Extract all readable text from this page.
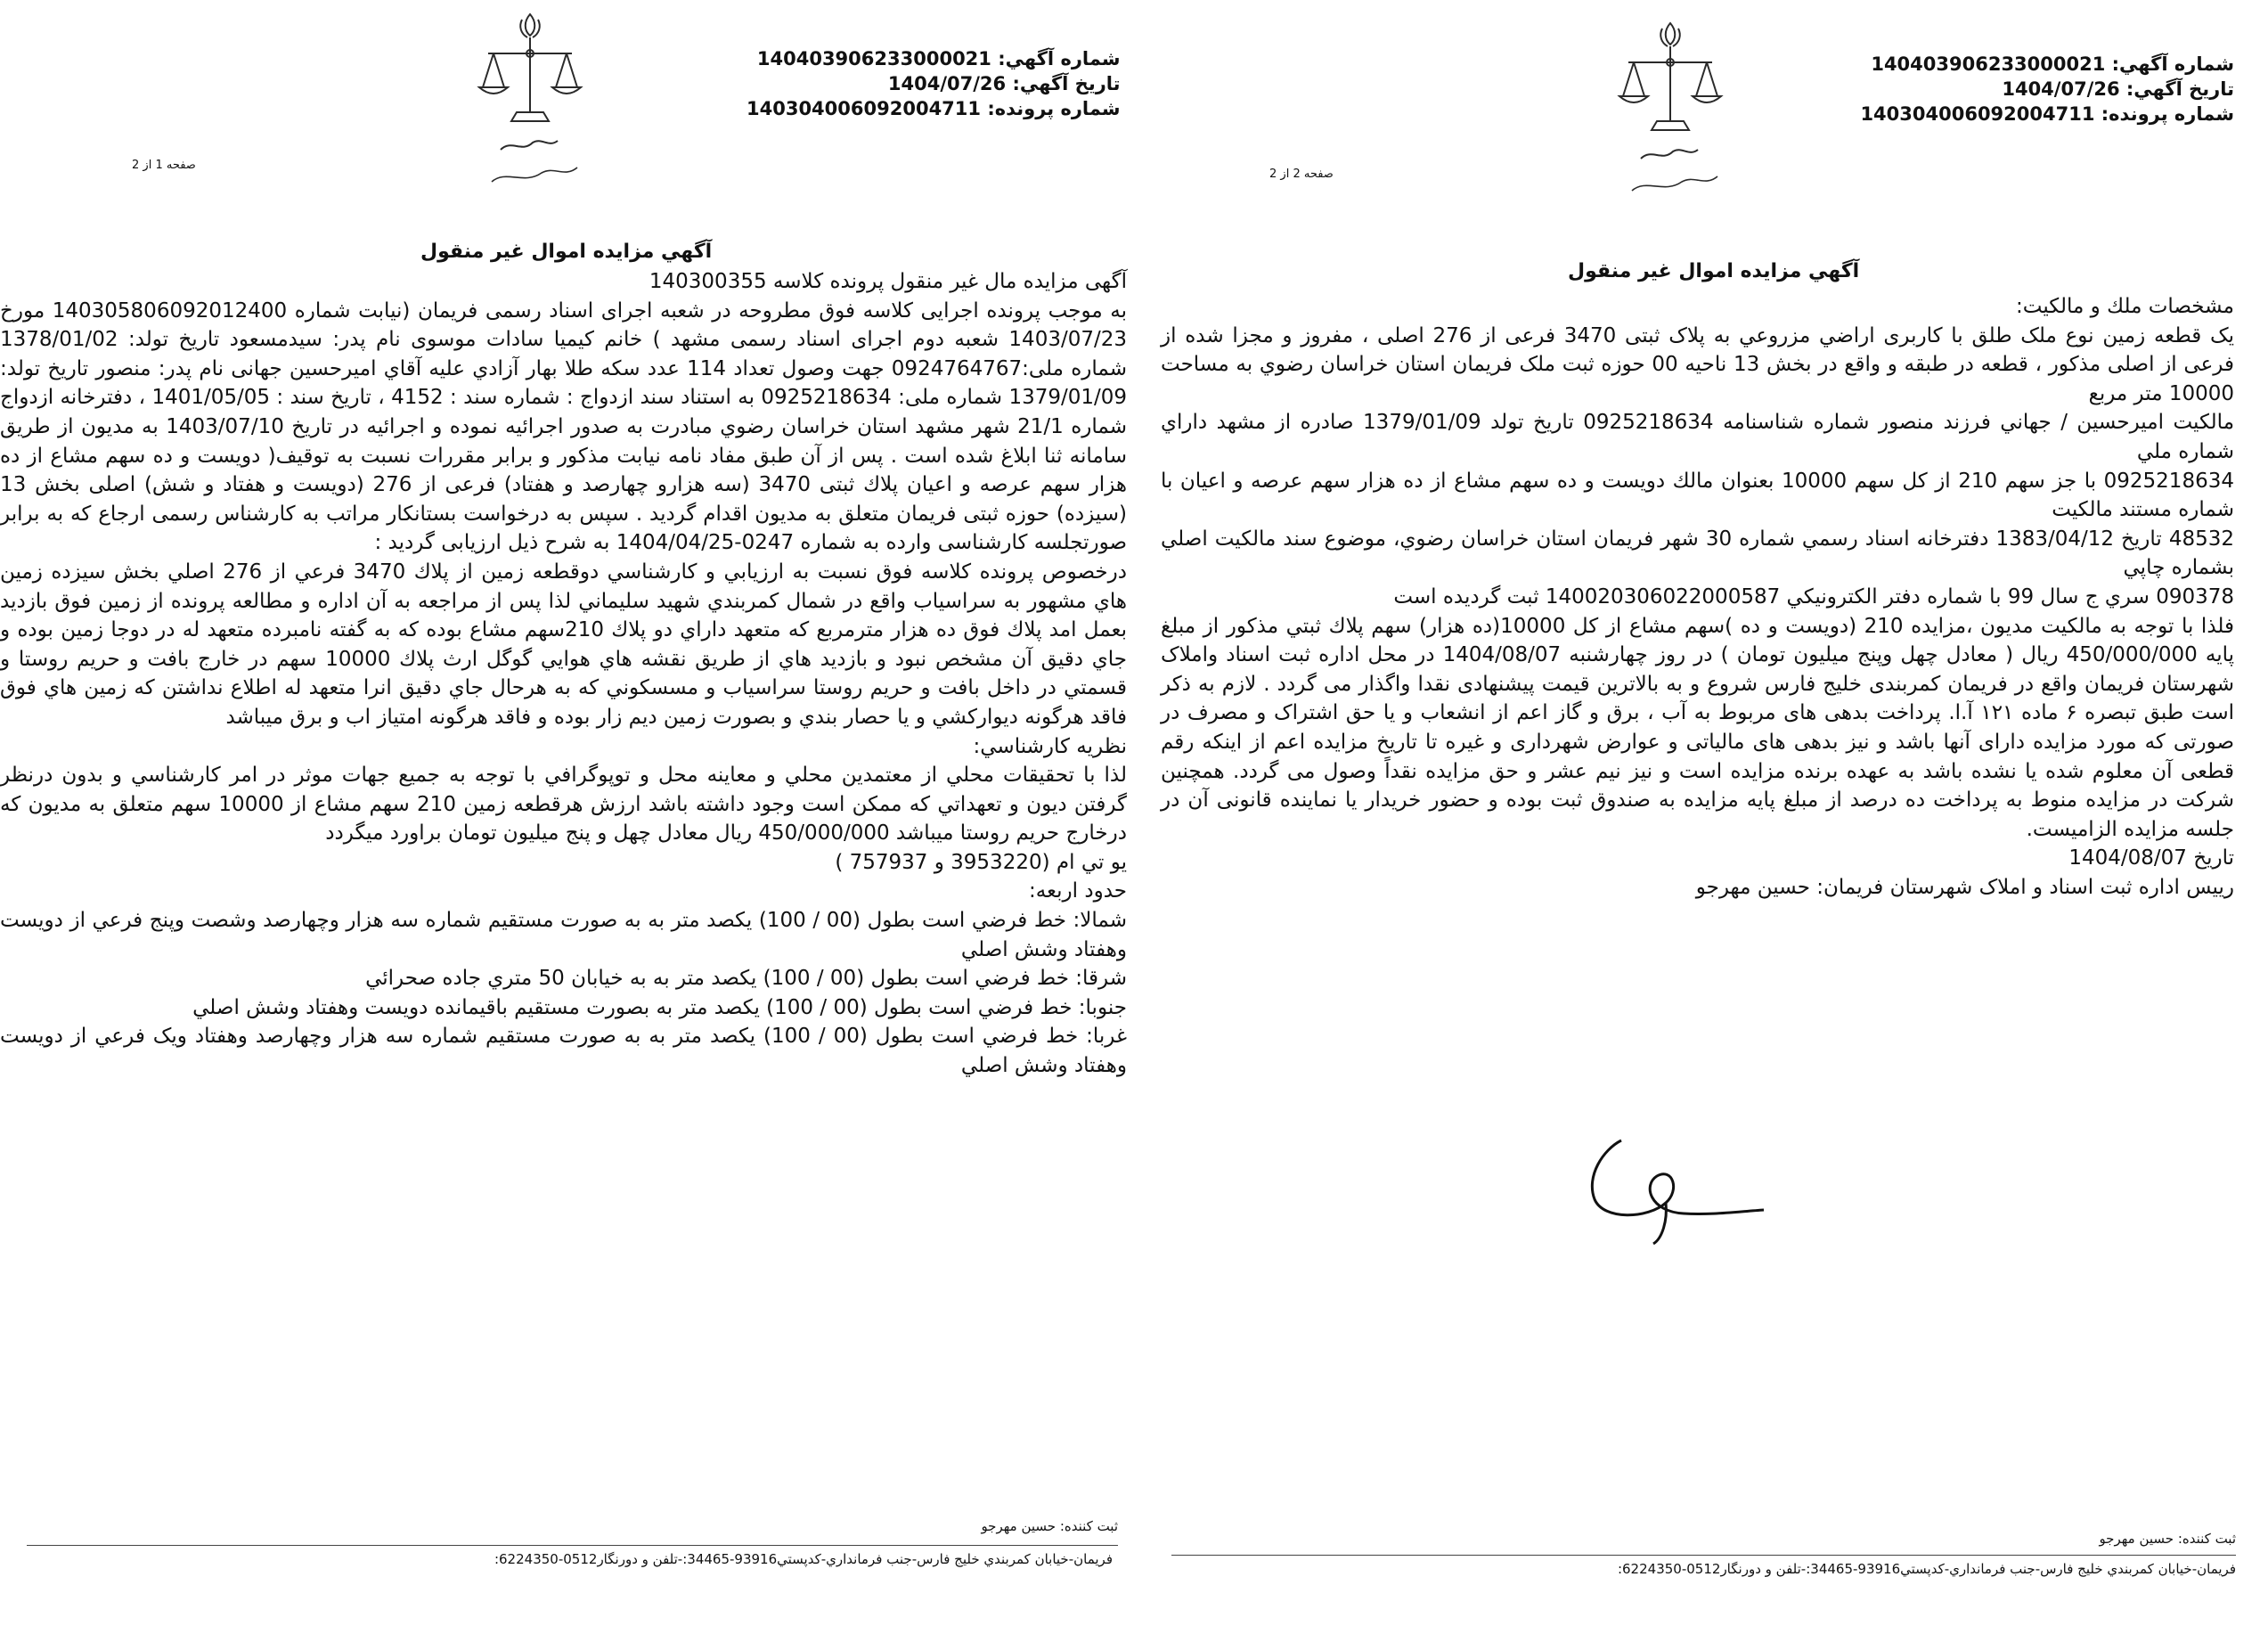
شماره آگهي: 140403906233000021
تاريخ آگهي: 1404/07/26
شماره پرونده: 140304006092004711
صفحه 2 از 2
آگهي مزايده اموال غير منقول

مشخصات ملك و مالكيت:

يک قطعه زمين نوع ملک طلق با کاربری اراضي مزروعي به پلاک ثبتی 3470 فرعی از 276 اصلی ، مفروز و مجزا شده از فرعی از اصلی مذکور ، قطعه در طبقه و واقع در بخش 13 ناحيه 00 حوزه ثبت ملک فريمان استان خراسان رضوي به مساحت 10000 متر مربع

مالکيت اميرحسين / جهاني فرزند منصور شماره شناسنامه 0925218634 تاريخ تولد 1379/01/09 صادره از مشهد داراي شماره ملي

0925218634 با جز سهم 210 از کل سهم 10000 بعنوان مالك دويست و ده سهم مشاع از ده هزار سهم عرصه و اعيان با شماره مستند مالکيت

48532 تاريخ 1383/04/12 دفترخانه اسناد رسمي شماره 30 شهر فريمان استان خراسان رضوي، موضوع سند مالکيت اصلي بشماره چاپي

090378 سري ج سال 99 با شماره دفتر الکترونيکي 140020306022000587 ثبت گرديده است

فلذا با توجه به مالكيت مديون ،مزايده 210 (دويست و ده )سهم مشاع از كل 10000(ده هزار) سهم پلاك ثبتي مذكور از مبلغ پايه 450/000/000 ريال ( معادل چهل وپنج ميليون تومان ) در روز چهارشنبه 1404/08/07 در محل اداره ثبت اسناد واملاک شهرستان فريمان واقع در فريمان کمربندی خليج فارس شروع و به بالاترين قيمت پيشنهادی نقدا واگذار می گردد . لازم به ذکر است طبق تبصره ۶ ماده ۱۲۱ آ.ا. پرداخت بدهی های مربوط به آب ، برق و گاز اعم از انشعاب و يا حق اشتراک و مصرف در صورتی که مورد مزايده دارای آنها باشد و نيز بدهی های مالياتی و عوارض شهرداری و غيره تا تاريخ مزايده اعم از اينکه رقم قطعی آن معلوم شده يا نشده باشد به عهده برنده مزايده است و نيز نيم عشر و حق مزايده نقداً وصول می گردد. همچنين شركت در مزايده منوط به پرداخت ده درصد از مبلغ پايه مزايده به صندوق ثبت بوده و حضور خريدار يا نماينده قانونی آن در جلسه مزايده الزاميست.

تاريخ 1404/08/07

رييس اداره ثبت اسناد و املاک شهرستان فريمان: حسين مهرجو

ثبت كننده: حسين مهرجو
فريمان-خيابان كمربندي خليج فارس-جنب فرمانداري-كدپستي93916-34465:-تلفن و دورنگار0512-6224350:
شماره آگهي: 140403906233000021
تاريخ آگهي: 1404/07/26
شماره پرونده: 140304006092004711
صفحه 1 از 2
آگهي مزايده اموال غير منقول

آگهی مزايده مال غير منقول پرونده كلاسه 140300355

به موجب پرونده اجرايی كلاسه فوق مطروحه در شعبه اجرای اسناد رسمی فريمان (نيابت شماره 140305806092012400 مورخ 1403/07/23 شعبه دوم اجرای اسناد رسمی مشهد ) خانم كيميا سادات موسوی نام پدر: سيدمسعود تاريخ تولد: 1378/01/02 شماره ملی:0924764767 جهت وصول تعداد 114 عدد سكه طلا بهار آزادي عليه آقاي اميرحسين جهانی نام پدر: منصور تاريخ تولد: 1379/01/09 شماره ملی: 0925218634 به استناد سند ازدواج : شماره سند : 4152 ، تاريخ سند : 1401/05/05 ، دفترخانه ازدواج شماره 21/1 شهر مشهد استان خراسان رضوي مبادرت به صدور اجرائيه نموده و اجرائيه در تاريخ 1403/07/10 به مديون از طريق سامانه ثنا ابلاغ شده است . پس از آن طبق مفاد نامه نيابت مذكور و برابر مقررات نسبت به توقيف( دويست و ده سهم مشاع از ده هزار سهم عرصه و اعيان پلاك ثبتی 3470 (سه هزارو چهارصد و هفتاد) فرعی از 276 (دويست و هفتاد و شش) اصلی بخش 13 (سيزده) حوزه ثبتی فريمان متعلق به مديون اقدام گرديد . سپس به درخواست بستانكار مراتب به كارشناس رسمی ارجاع كه به برابر صورتجلسه كارشناسی وارده به شماره 0247-1404/04/25 به شرح ذيل ارزيابی گرديد :

درخصوص پرونده كلاسه فوق نسبت به ارزيابي و كارشناسي دوقطعه زمين از پلاك 3470 فرعي از 276 اصلي بخش سيزده زمين هاي مشهور به سراسياب واقع در شمال كمربندي شهيد سليماني لذا پس از مراجعه به آن اداره و مطالعه پرونده از زمين فوق بازديد بعمل امد پلاك فوق ده هزار مترمربع كه متعهد داراي دو پلاك 210سهم مشاع بوده كه به گفته نامبرده متعهد له در دوجا زمين بوده و جاي دقيق آن مشخص نبود و بازديد هاي از طريق نقشه هاي هوايي گوگل ارث پلاك 10000 سهم در خارج بافت و حريم روستا و قسمتي در داخل بافت و حريم روستا سراسياب و مسسكوني كه به هرحال جاي دقيق انرا متعهد له اطلاع نداشتن كه زمين هاي فوق فاقد هرگونه ديواركشي و يا حصار بندي و بصورت زمين ديم زار بوده و فاقد هرگونه امتياز اب و برق ميباشد

نظريه كارشناسي:

لذا با تحقيقات محلي از معتمدين محلي و معاينه محل و توپوگرافي با توجه به جميع جهات موثر در امر كارشناسي و بدون درنظر گرفتن ديون و تعهداتي كه ممكن است وجود داشته باشد ارزش هرقطعه زمين 210 سهم مشاع از 10000 سهم متعلق به مديون كه درخارج حريم روستا ميباشد 450/000/000 ريال معادل چهل و پنج ميليون تومان براورد ميگردد

يو تي ام (3953220 و 757937 )

حدود اربعه:

شمالا: خط فرضي است بطول (00 / 100) يكصد متر به به صورت مستقيم شماره سه هزار وچهارصد وشصت وپنج فرعي از دويست وهفتاد وشش اصلي

شرقا: خط فرضي است بطول (00 / 100) يكصد متر به به خيابان 50 متري جاده صحرائي

جنوبا: خط فرضي است بطول (00 / 100) يكصد متر به بصورت مستقيم باقيمانده دويست وهفتاد وشش اصلي

غربا: خط فرضي است بطول (00 / 100) يكصد متر به به صورت مستقيم شماره سه هزار وچهارصد وهفتاد ويک فرعي از دويست وهفتاد وشش اصلي

ثبت كننده: حسين مهرجو
فريمان-خيابان كمربندي خليج فارس-جنب فرمانداري-كدپستي93916-34465:-تلفن و دورنگار0512-6224350:
